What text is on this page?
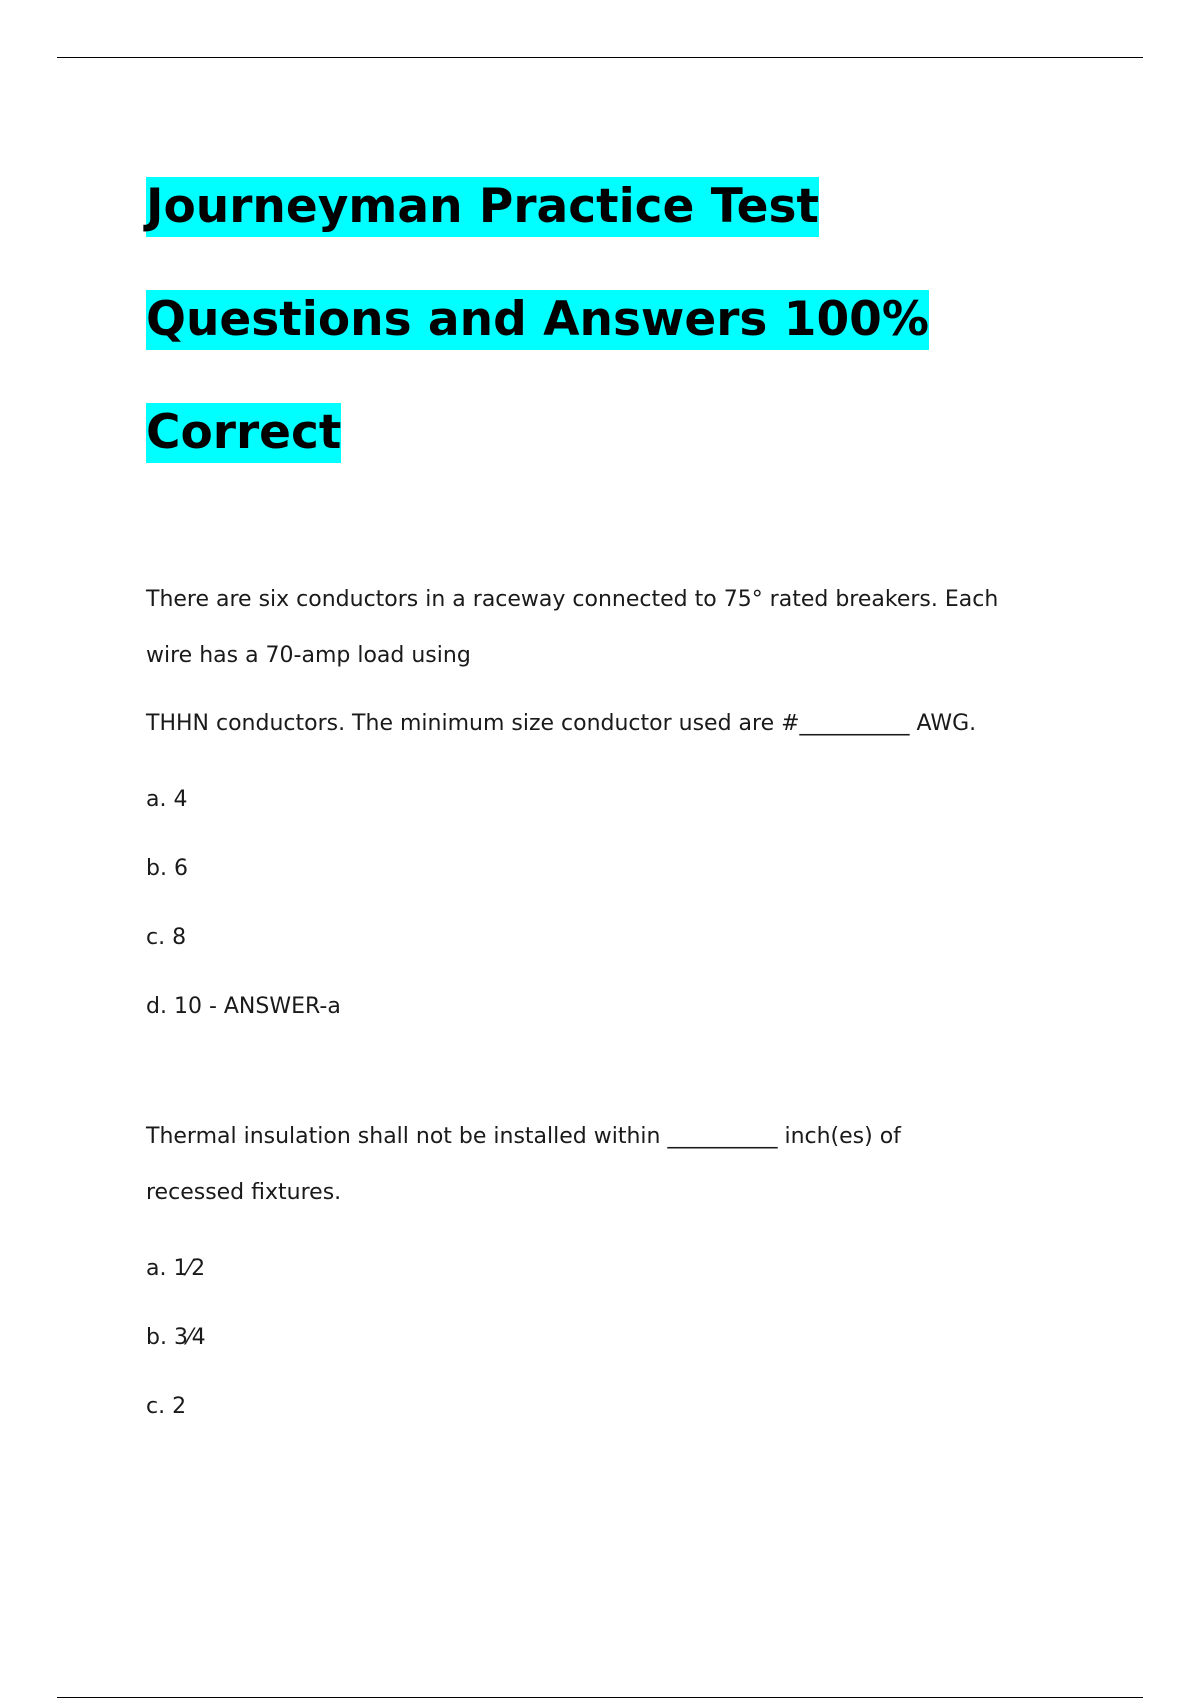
Journeyman Practice Test
Questions and Answers 100%
Correct

There are six conductors in a raceway connected to 75° rated breakers. Each

wire has a 70-amp load using

THHN conductors. The minimum size conductor used are #__________ AWG.

a. 4

b. 6

c. 8

d. 10 - ANSWER-a

Thermal insulation shall not be installed within __________ inch(es) of

recessed fixtures.

a. 1⁄2

b. 3⁄4

c. 2
